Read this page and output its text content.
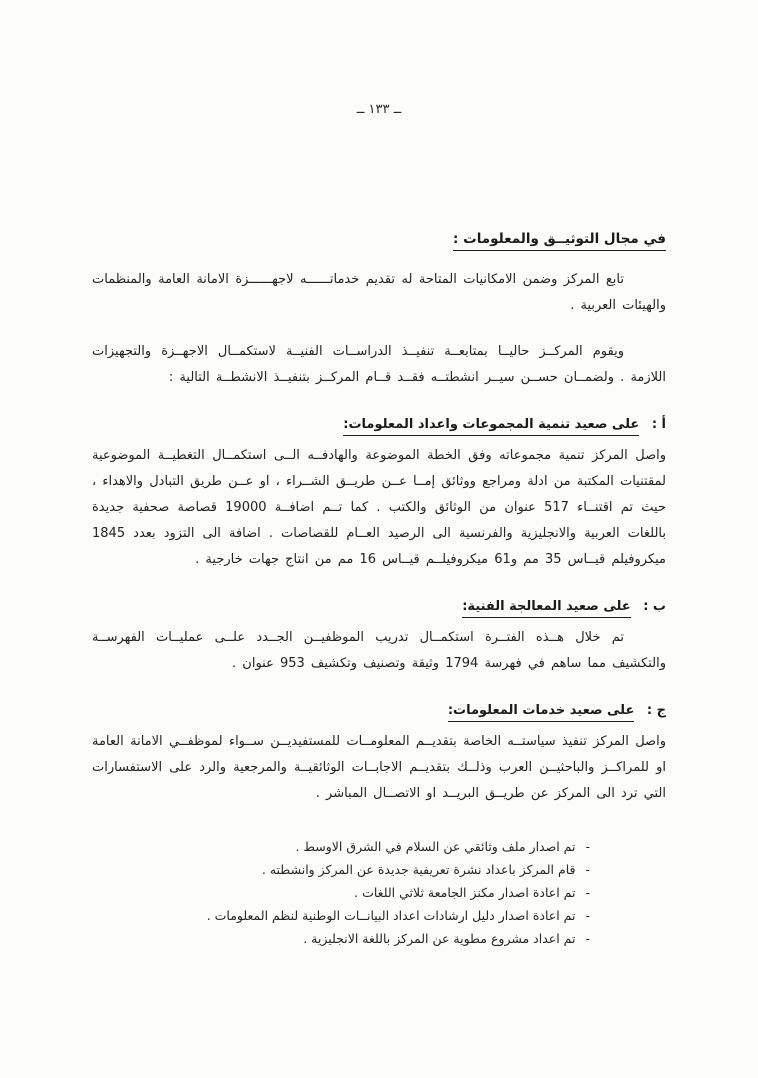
ــ ١٣٣ ــ
في مجال التوثيــق والمعلومات :

تابع المركز وضمن الامكانيات المتاحة له تقديم خدماتــــــه لاجهــــــزة الامانة العامة والمنظمات والهيئات العربية .

ويقوم المركــز حاليــا بمتابعــة تنفيــذ الدراســات الفنيــة لاستكمــال الاجهــزة والتجهيزات اللازمة . ولضمــان حســن سيــر انشطتــه فقــد قــام المركــز بتنفيــذ الانشطــة التالية :

أ : على صعيد تنمية المجموعات واعداد المعلومات:

واصل المركز تنمية مجموعاته وفق الخطة الموضوعة والهادفــه الــى استكمــال التغطيــة الموضوعية لمقتنيات المكتبة من ادلة ومراجع ووثائق إمــا عــن طريــق الشــراء ، او عــن طريق التبادل والاهداء ، حيث تم اقتنــاء 517 عنوان من الوثائق والكتب . كما تــم اضافــة 19000 قصاصة صحفية جديدة باللغات العربية والانجليزية والفرنسية الى الرصيد العــام للقصاصات . اضافة الى التزود بعدد 1845 ميكروفيلم قيــاس 35 مم و61 ميكروفيلــم قيــاس 16 مم من انتاج جهات خارجية .

ب : على صعيد المعالجة الفنية:

تم خلال هــذه الفتــرة استكمــال تدريب الموظفيــن الجــدد علــى عمليــات الفهرســة والتكشيف مما ساهم في فهرسة 1794 وثيقة وتصنيف وتكشيف 953 عنوان .

ج : على صعيد خدمات المعلومات:

واصل المركز تنفيذ سياستــه الخاصة بتقديــم المعلومــات للمستفيديــن ســواء لموظفــي الامانة العامة او للمراكــز والباحثيــن العرب وذلــك بتقديــم الاجابــات الوثائقيــة والمرجعية والرد على الاستفسارات التي ترد الى المركز عن طريــق البريــد او الاتصــال المباشر .

- تم اصدار ملف وثائقي عن السلام في الشرق الاوسط .
- قام المركز باعداد نشرة تعريفية جديدة عن المركز وانشطته .
- تم اعادة اصدار مكنز الجامعة ثلاثي اللغات .
- تم اعادة اصدار دليل ارشادات اعداد البيانــات الوطنية لنظم المعلومات .
- تم اعداد مشروع مطوية عن المركز باللغة الانجليزية .
